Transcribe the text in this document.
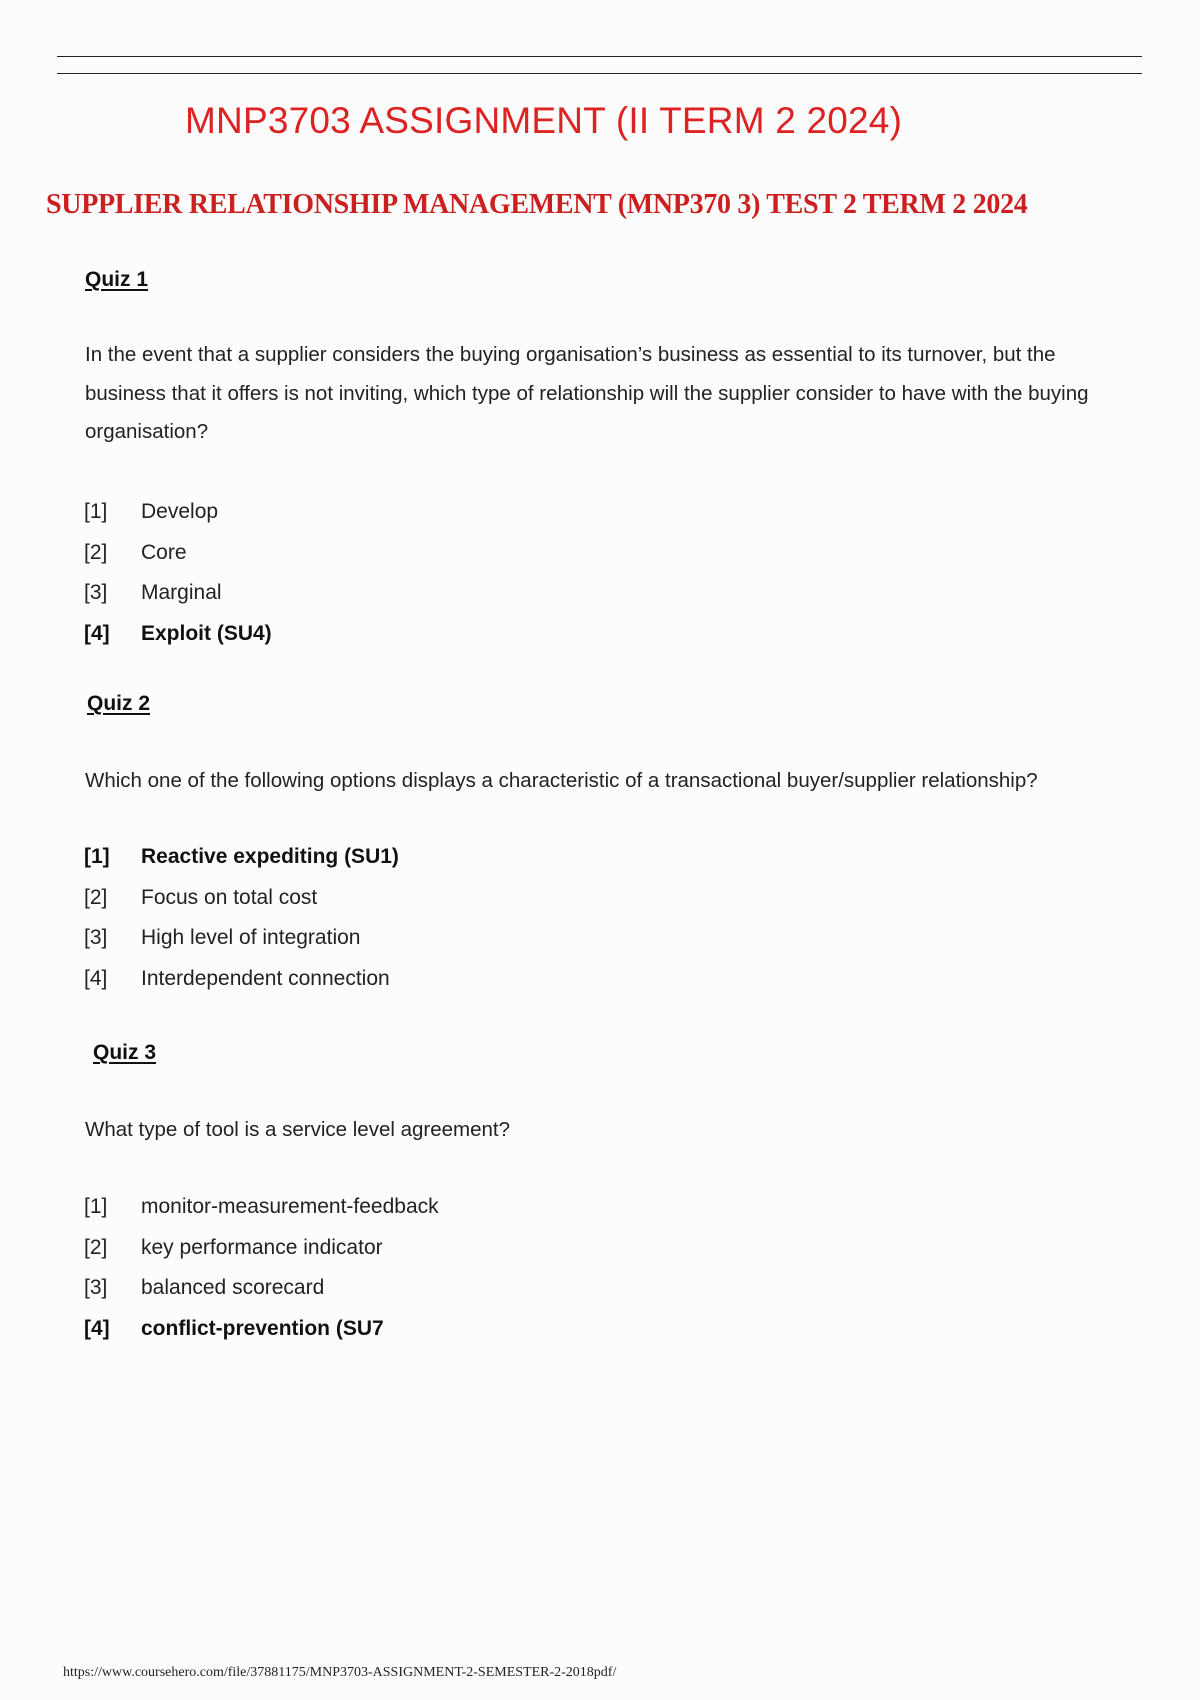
MNP3703 ASSIGNMENT (II TERM 2 2024)
SUPPLIER RELATIONSHIP MANAGEMENT (MNP370 3) TEST 2 TERM 2 2024
Quiz 1
In the event that a supplier considers the buying organisation’s business as essential to its turnover, but the business that it offers is not inviting, which type of relationship will the supplier consider to have with the buying organisation?
[1]	Develop
[2]	Core
[3]	Marginal
[4]	Exploit (SU4)
Quiz 2
Which one of the following options displays a characteristic of a transactional buyer/supplier relationship?
[1]	Reactive expediting (SU1)
[2]	Focus on total cost
[3]	High level of integration
[4]	Interdependent connection
Quiz 3
What type of tool is a service level agreement?
[1]	monitor-measurement-feedback
[2]	key performance indicator
[3]	balanced scorecard
[4]	conflict-prevention (SU7
https://www.coursehero.com/file/37881175/MNP3703-ASSIGNMENT-2-SEMESTER-2-2018pdf/
